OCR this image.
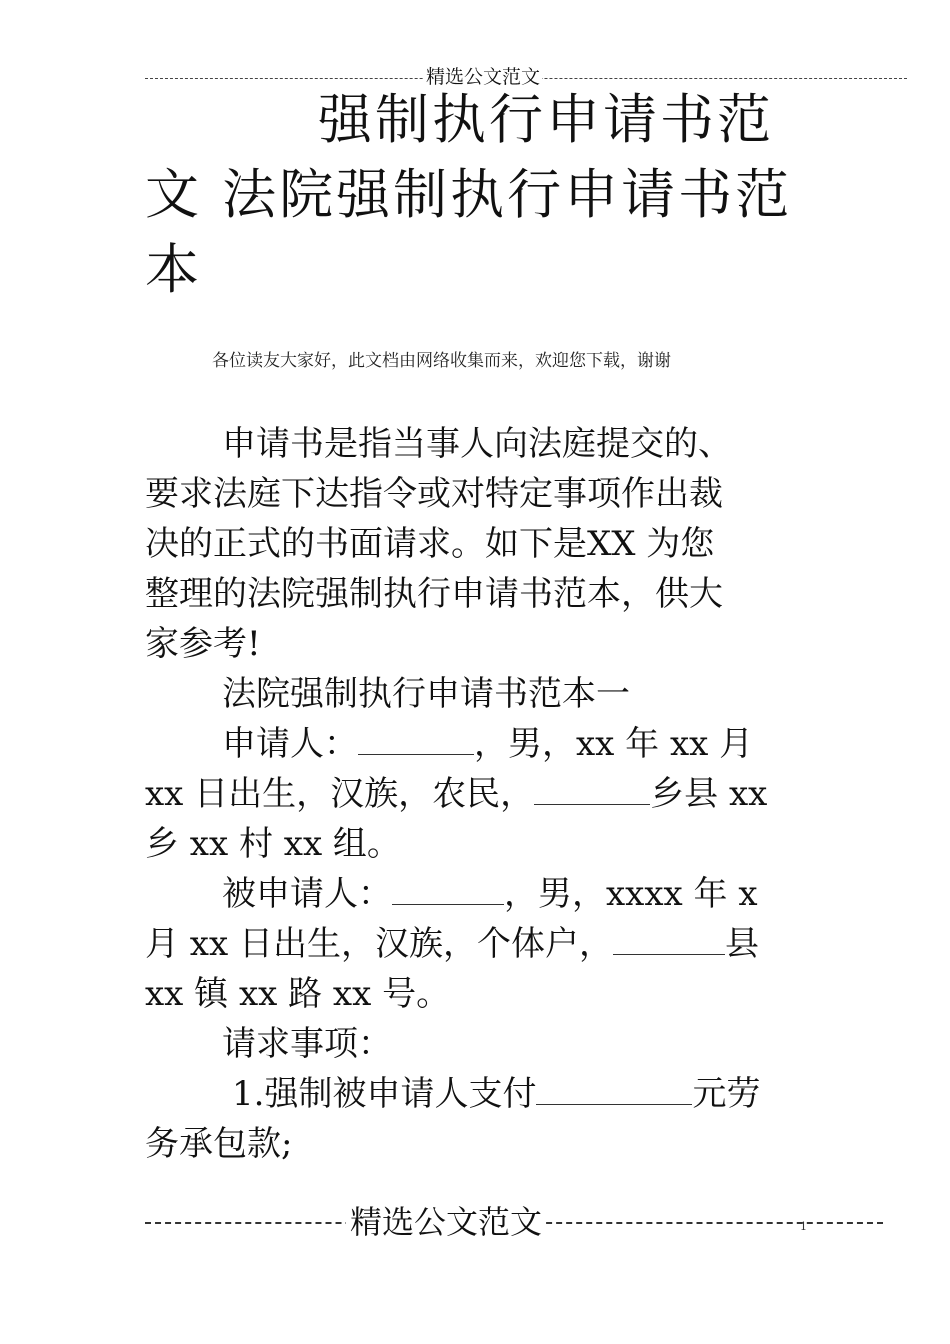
精选公文范文
强制执行申请书范
文 法院强制执行申请书范
本
各位读友大家好，此文档由网络收集而来，欢迎您下载，谢谢
申请书是指当事人向法庭提交的、
要求法庭下达指令或对特定事项作出裁
决的正式的书面请求。如下是XX 为您
整理的法院强制执行申请书范本，供大
家参考!
法院强制执行申请书范本一
申请人：	，男，xx 年 xx 月
xx 日出生，汉族，农民，	乡县 xx
乡 xx 村 xx 组。
被申请人：	，男，xxxx 年 x
月 xx 日出生，汉族，个体户，	县
xx 镇 xx 路 xx 号。
请求事项：
1.强制被申请人支付	元劳
务承包款;
精选公文范文	1
